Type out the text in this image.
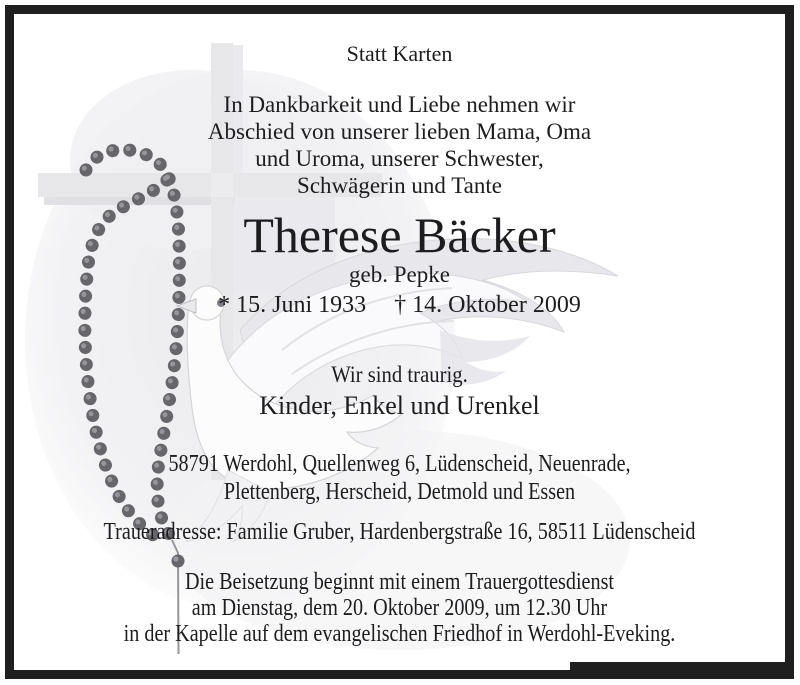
Statt Karten
In Dankbarkeit und Liebe nehmen wir
Abschied von unserer lieben Mama, Oma
und Uroma, unserer Schwester,
Schwägerin und Tante
Therese Bäcker
geb. Pepke
* 15. Juni 1933 † 14. Oktober 2009
Wir sind traurig.
Kinder, Enkel und Urenkel
58791 Werdohl, Quellenweg 6, Lüdenscheid, Neuenrade,
Plettenberg, Herscheid, Detmold und Essen
Traueradresse: Familie Gruber, Hardenbergstraße 16, 58511 Lüdenscheid
Die Beisetzung beginnt mit einem Trauergottesdienst
am Dienstag, dem 20. Oktober 2009, um 12.30 Uhr
in der Kapelle auf dem evangelischen Friedhof in Werdohl-Eveking.
